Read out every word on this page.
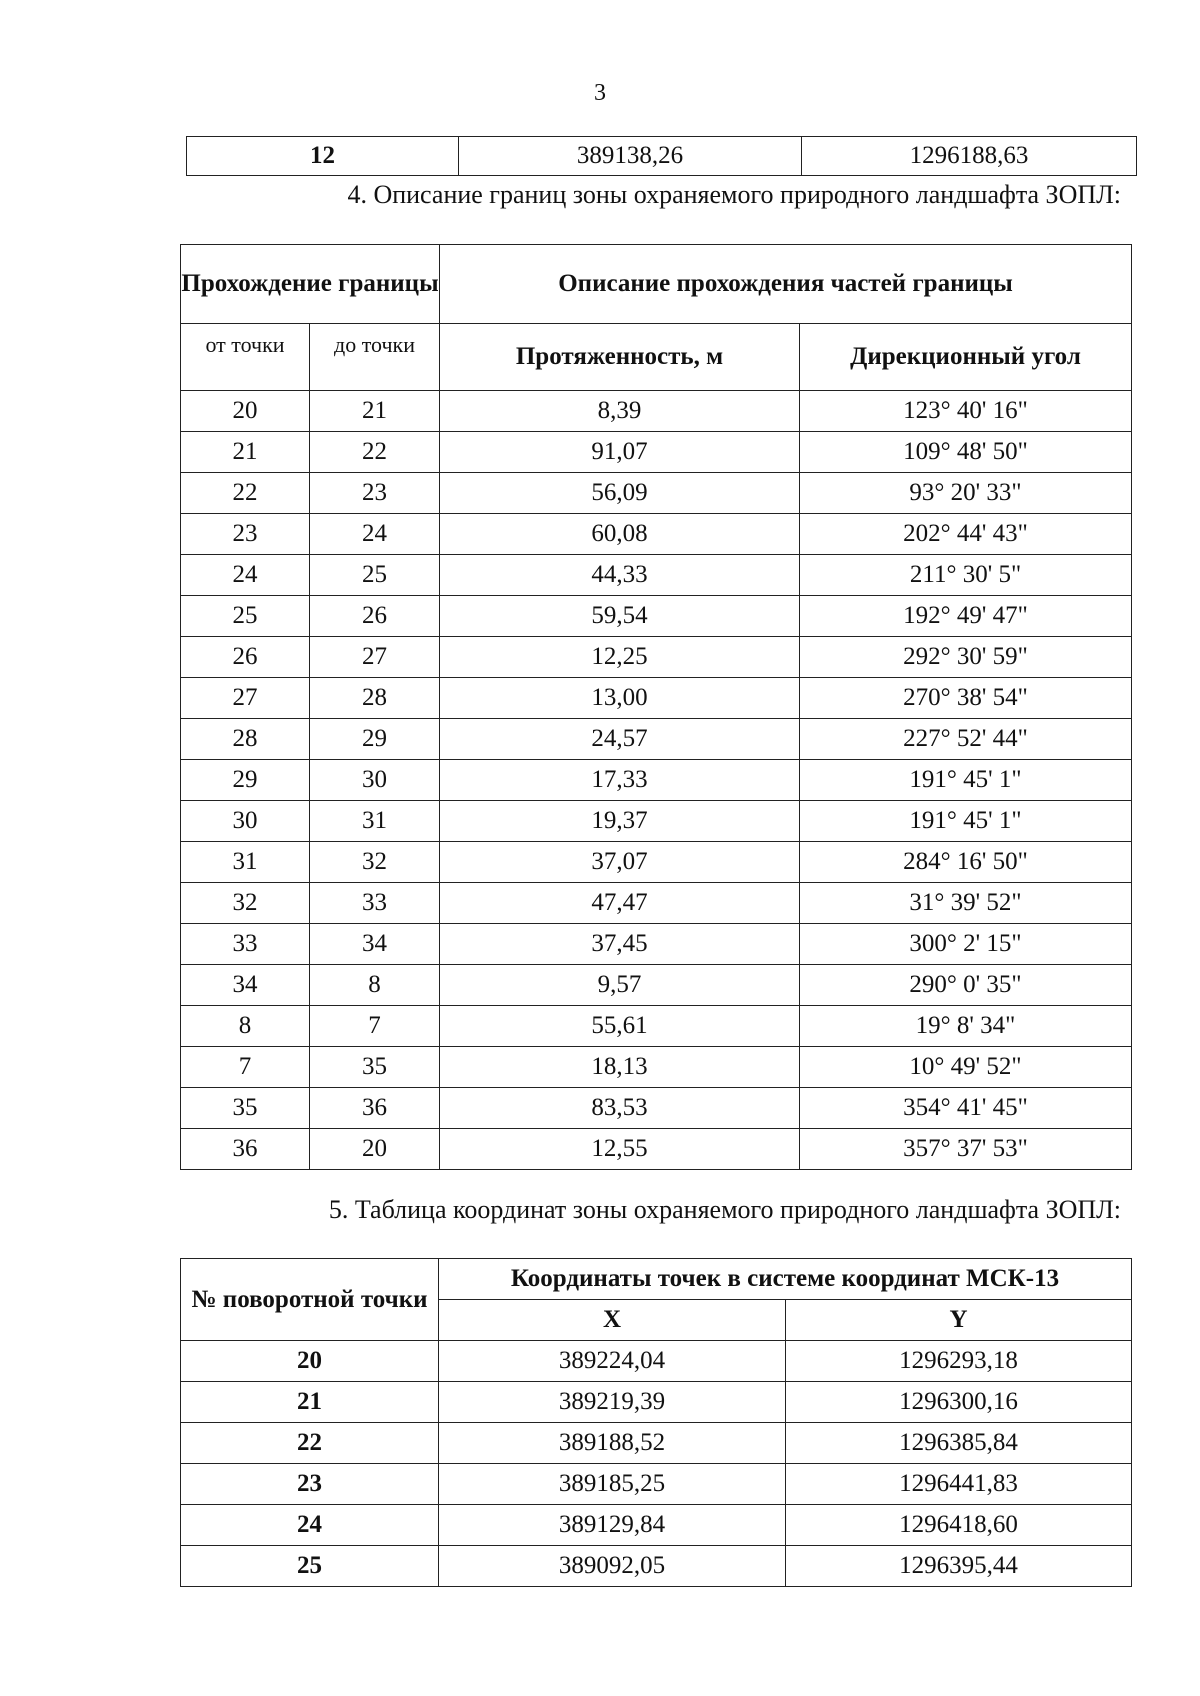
3
12	389138,26	1296188,63
4. Описание границ зоны охраняемого природного ландшафта ЗОПЛ:
Прохождение границы		Описание прохождения частей границы	
от точки	до точки	Протяженность, м	Дирекционный угол
20	21	8,39	123° 40' 16"
21	22	91,07	109° 48' 50"
22	23	56,09	93° 20' 33"
23	24	60,08	202° 44' 43"
24	25	44,33	211° 30' 5"
25	26	59,54	192° 49' 47"
26	27	12,25	292° 30' 59"
27	28	13,00	270° 38' 54"
28	29	24,57	227° 52' 44"
29	30	17,33	191° 45' 1"
30	31	19,37	191° 45' 1"
31	32	37,07	284° 16' 50"
32	33	47,47	31° 39' 52"
33	34	37,45	300° 2' 15"
34	8	9,57	290° 0' 35"
8	7	55,61	19° 8' 34"
7	35	18,13	10° 49' 52"
35	36	83,53	354° 41' 45"
36	20	12,55	357° 37' 53"
5. Таблица координат зоны охраняемого природного ландшафта ЗОПЛ:
№ поворотной точки	Координаты точек в системе координат МСК-13	
	X	Y
20	389224,04	1296293,18
21	389219,39	1296300,16
22	389188,52	1296385,84
23	389185,25	1296441,83
24	389129,84	1296418,60
25	389092,05	1296395,44
